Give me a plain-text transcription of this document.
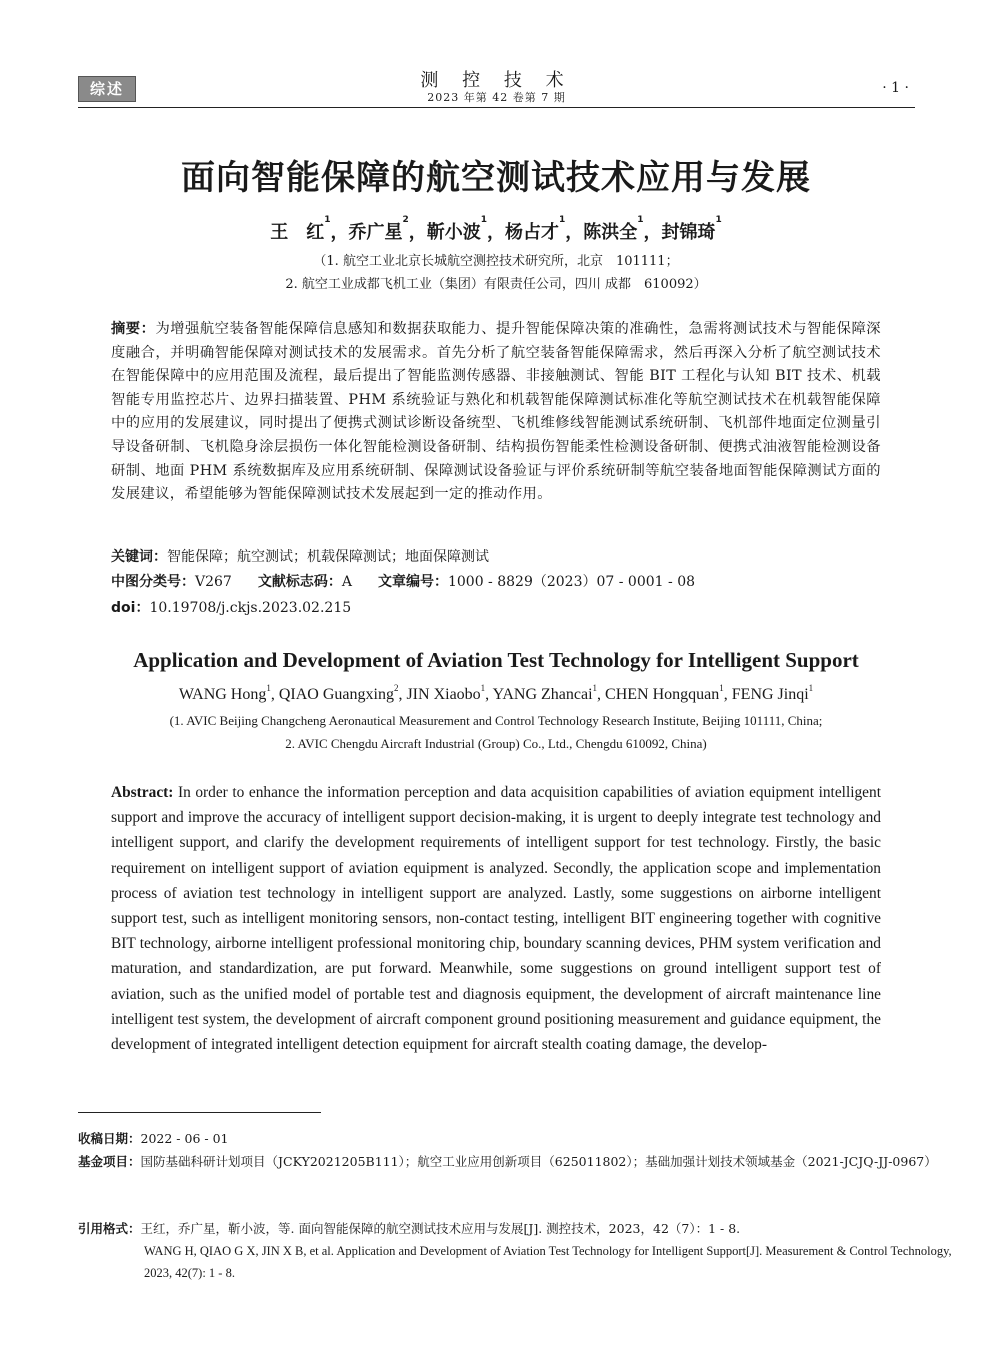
综述	测 控 技 术
2023 年第 42 卷第 7 期
· 1 ·
面向智能保障的航空测试技术应用与发展
王　红$^1$，乔广星$^2$，靳小波$^1$，杨占才$^1$，陈洪全$^1$，封锦琦$^1$
（1. 航空工业北京长城航空测控技术研究所，北京　101111；
2. 航空工业成都飞机工业（集团）有限责任公司，四川 成都　610092）
摘要：为增强航空装备智能保障信息感知和数据获取能力、提升智能保障决策的准确性，急需将测试技术与智能保障深度融合，并明确智能保障对测试技术的发展需求。首先分析了航空装备智能保障需求，然后再深入分析了航空测试技术在智能保障中的应用范围及流程，最后提出了智能监测传感器、非接触测试、智能 BIT 工程化与认知 BIT 技术、机载智能专用监控芯片、边界扫描装置、PHM 系统验证与熟化和机载智能保障测试标准化等航空测试技术在机载智能保障中的应用的发展建议，同时提出了便携式测试诊断设备统型、飞机维修线智能测试系统研制、飞机部件地面定位测量引导设备研制、飞机隐身涂层损伤一体化智能检测设备研制、结构损伤智能柔性检测设备研制、便携式油液智能检测设备研制、地面 PHM 系统数据库及应用系统研制、保障测试设备验证与评价系统研制等航空装备地面智能保障测试方面的发展建议，希望能够为智能保障测试技术发展起到一定的推动作用。
关键词：智能保障；航空测试；机载保障测试；地面保障测试
中图分类号：V267 文献标志码：A 文章编号：1000 - 8829（2023）07 - 0001 - 08
doi：10.19708/j.ckjs.2023.02.215
Application and Development of Aviation Test Technology for Intelligent Support
WANG Hong$^1$, QIAO Guangxing$^2$, JIN Xiaobo$^1$, YANG Zhancai$^1$, CHEN Hongquan$^1$, FENG Jinqi$^1$
(1. AVIC Beijing Changcheng Aeronautical Measurement and Control Technology Research Institute, Beijing 101111, China;
2. AVIC Chengdu Aircraft Industrial (Group) Co., Ltd., Chengdu 610092, China)
Abstract: In order to enhance the information perception and data acquisition capabilities of aviation equipment intelligent support and improve the accuracy of intelligent support decision-making, it is urgent to deeply integrate test technology and intelligent support, and clarify the development requirements of intelligent support for test technology. Firstly, the basic requirement on intelligent support of aviation equipment is analyzed. Secondly, the application scope and implementation process of aviation test technology in intelligent support are analyzed. Lastly, some suggestions on airborne intelligent support test, such as intelligent monitoring sensors, non-contact testing, intelligent BIT engineering together with cognitive BIT technology, airborne intelligent professional monitoring chip, boundary scanning devices, PHM system verification and maturation, and standardization, are put forward. Meanwhile, some suggestions on ground intelligent support test of aviation, such as the unified model of portable test and diagnosis equipment, the development of aircraft maintenance line intelligent test system, the development of aircraft component ground positioning measurement and guidance equipment, the development of integrated intelligent detection equipment for aircraft stealth coating damage, the develop-
收稿日期：2022 - 06 - 01
基金项目：国防基础科研计划项目（JCKY2021205B111）；航空工业应用创新项目（625011802）；基础加强计划技术领域基金（2021-JCJQ-JJ-0967）
引用格式：王红，乔广星，靳小波，等. 面向智能保障的航空测试技术应用与发展[J]. 测控技术，2023，42（7）：1 - 8.
WANG H, QIAO G X, JIN X B, et al. Application and Development of Aviation Test Technology for Intelligent Support[J]. Measurement & Control Technology, 2023, 42(7): 1 - 8.
